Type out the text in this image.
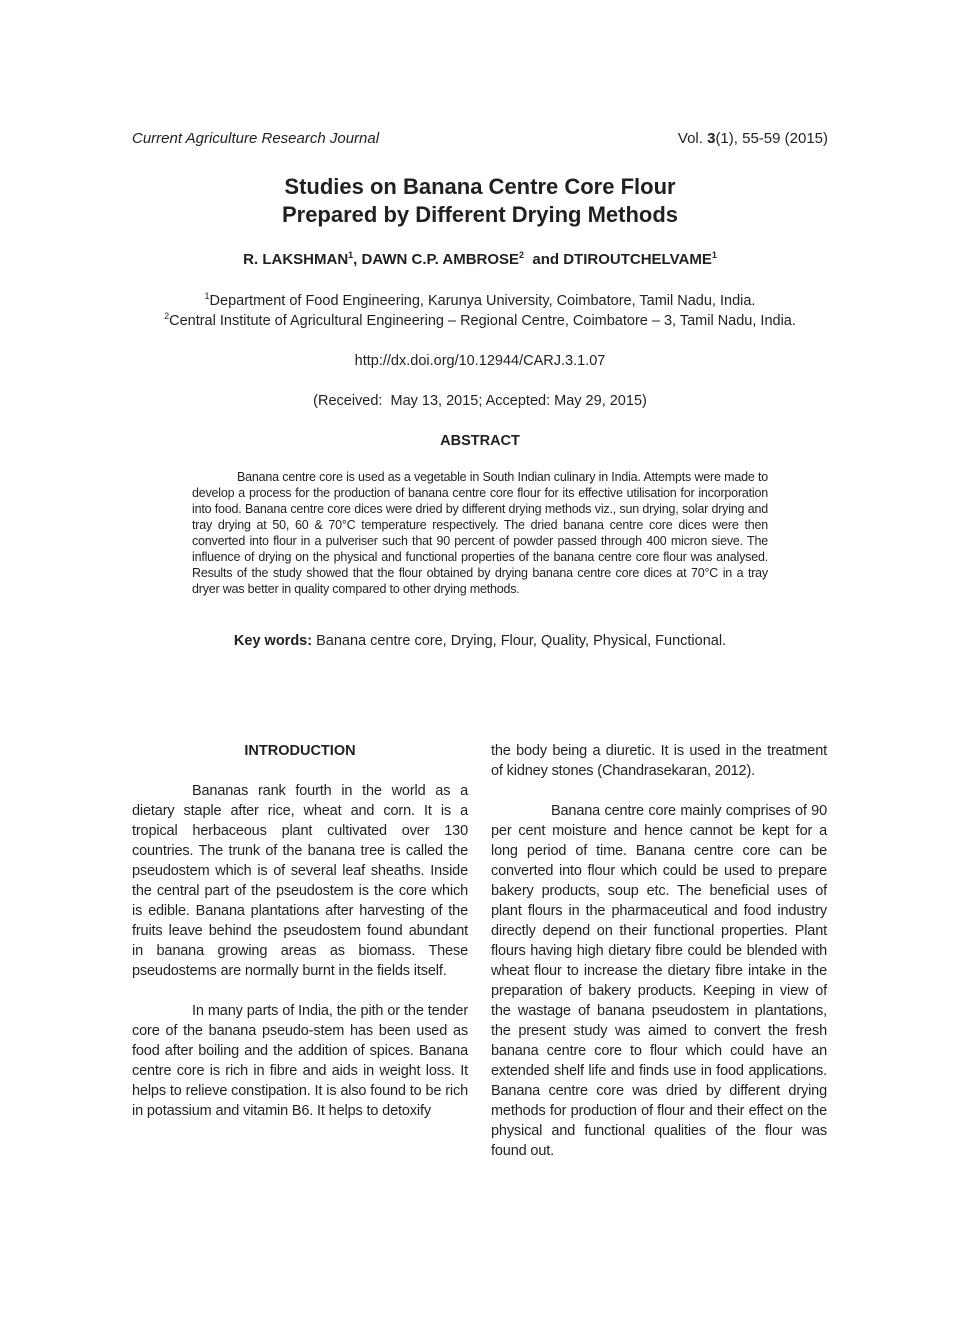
Current Agriculture Research Journal	Vol. 3(1), 55-59 (2015)
Studies on Banana Centre Core Flour
Prepared by Different Drying Methods
R. LAKSHMAN$^1$, DAWN C.P. AMBROSE$^2$  and DTIROUTCHELVAME$^1$
$^1$Department of Food Engineering, Karunya University, Coimbatore, Tamil Nadu, India.
$^2$Central Institute of Agricultural Engineering – Regional Centre, Coimbatore – 3, Tamil Nadu, India.
http://dx.doi.org/10.12944/CARJ.3.1.07
(Received:  May 13, 2015; Accepted: May 29, 2015)
ABSTRACT
Banana centre core is used as a vegetable in South Indian culinary in India. Attempts were made to develop a process for the production of banana centre core flour for its effective utilisation for incorporation into food. Banana centre core dices were dried by different drying methods viz., sun drying, solar drying and tray drying at 50, 60 & 70°C temperature respectively. The dried banana centre core dices were then converted into flour in a pulveriser such that 90 percent of powder passed through 400 micron sieve. The influence of drying on the physical and functional properties of the banana centre core flour was analysed. Results of the study showed that the flour obtained by drying banana centre core dices at 70°C in a tray dryer was better in quality compared to other drying methods.
Key words: Banana centre core, Drying, Flour, Quality, Physical, Functional.
INTRODUCTION

Bananas rank fourth in the world as a dietary staple after rice, wheat and corn. It is a tropical herbaceous plant cultivated over 130 countries. The trunk of the banana tree is called the pseudostem which is of several leaf sheaths. Inside the central part of the pseudostem is the core which is edible. Banana plantations after harvesting of the fruits leave behind the pseudostem found abundant in banana growing areas as biomass. These pseudostems are normally burnt in the fields itself.

In many parts of India, the pith or the tender core of the banana pseudo-stem has been used as food after boiling and the addition of spices. Banana centre core is rich in fibre and aids in weight loss. It helps to relieve constipation. It is also found to be rich in potassium and vitamin B6. It helps to detoxify

the body being a diuretic. It is used in the treatment of kidney stones (Chandrasekaran, 2012).

Banana centre core mainly comprises of 90 per cent moisture and hence cannot be kept for a long period of time. Banana centre core can be converted into flour which could be used to prepare bakery products, soup etc. The beneficial uses of plant flours in the pharmaceutical and food industry directly depend on their functional properties. Plant flours having high dietary fibre could be blended with wheat flour to increase the dietary fibre intake in the preparation of bakery products. Keeping in view of the wastage of banana pseudostem in plantations, the present study was aimed to convert the fresh banana centre core to flour which could have an extended shelf life and finds use in food applications. Banana centre core was dried by different drying methods for production of flour and their effect on the physical and functional qualities of the flour was found out.
